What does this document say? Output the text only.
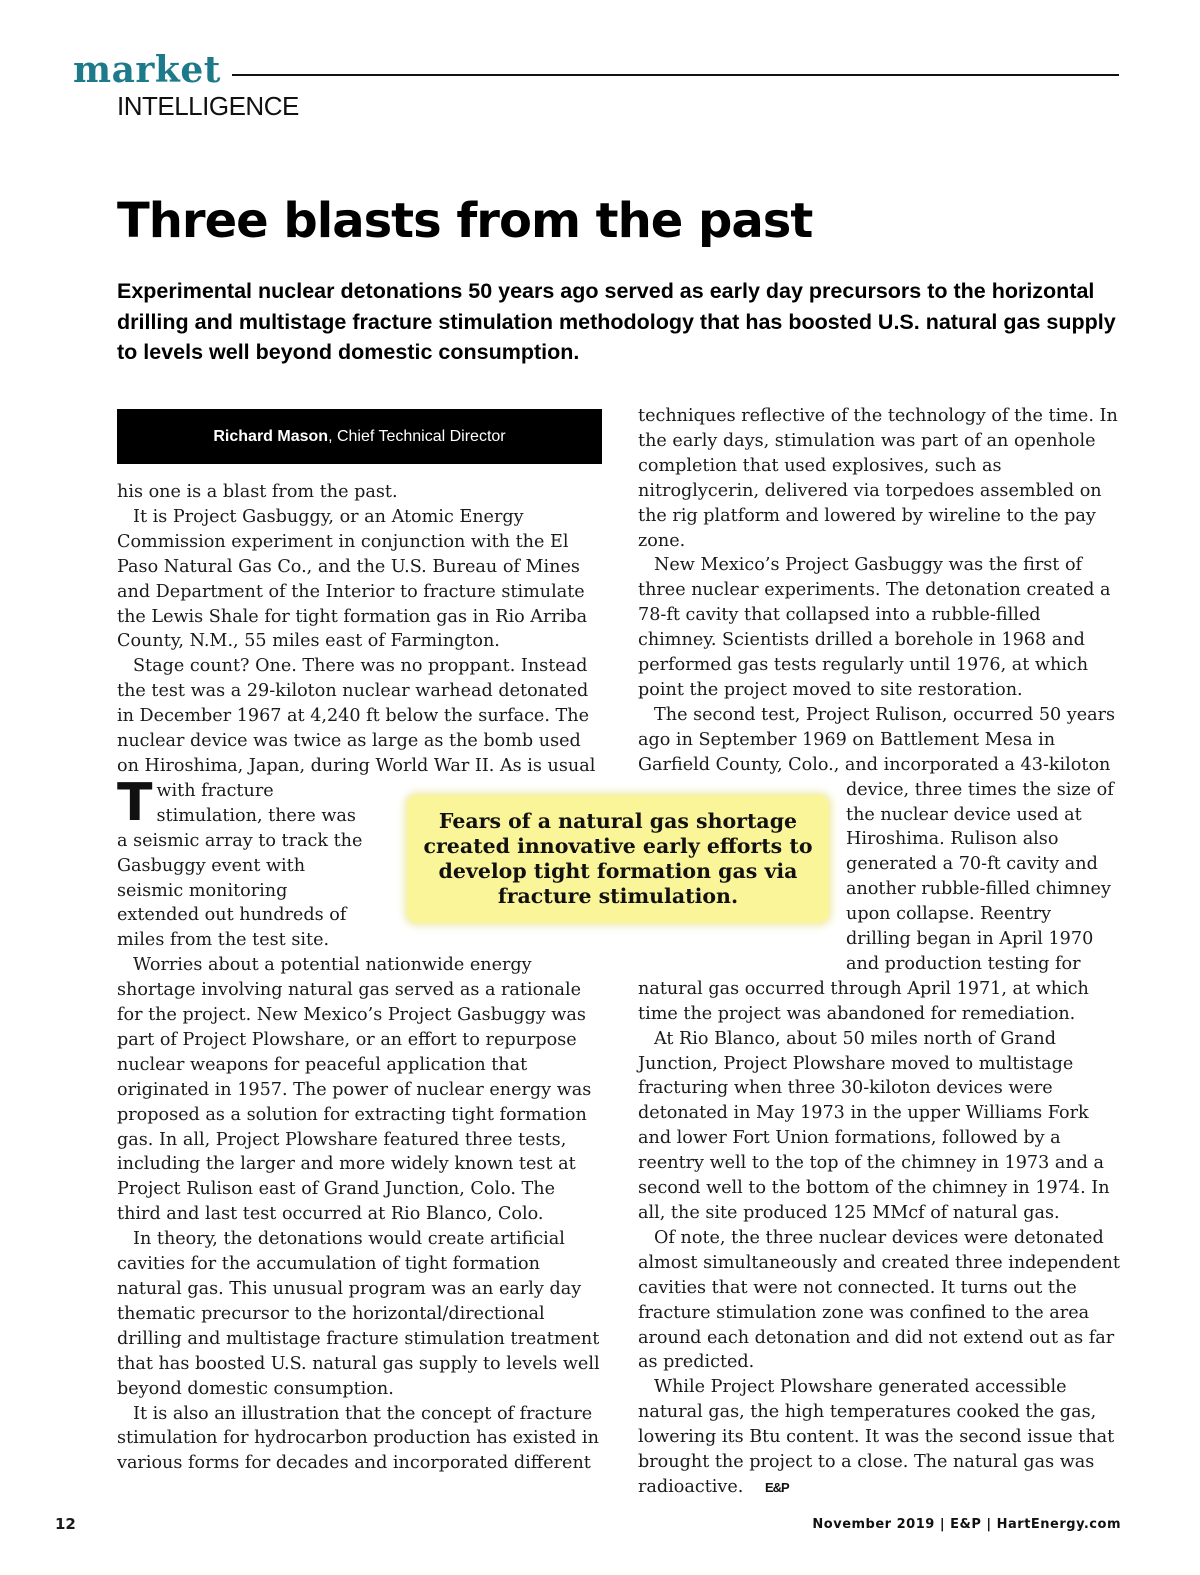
market
INTELLIGENCE
Three blasts from the past

Experimental nuclear detonations 50 years ago served as early day precursors to the horizontal drilling and multistage fracture stimulation methodology that has boosted U.S. natural gas supply to levels well beyond domestic consumption.

Richard Mason, Chief Technical Director

T
his one is a blast from the past.

It is Project Gasbuggy, or an Atomic Energy Commission experiment in conjunction with the El Paso Natural Gas Co., and the U.S. Bureau of Mines and Department of the Interior to fracture stimulate the Lewis Shale for tight formation gas in Rio Arriba County, N.M., 55 miles east of Farmington.

Stage count? One. There was no proppant. Instead the test was a 29-kiloton nuclear warhead detonated in December 1967 at 4,240 ft below the surface. The nuclear device was twice as large as the bomb used on Hiroshima, Japan, during World War II. As is usual with fracture stimulation, there was a seismic array to track the Gasbuggy event with seismic monitoring extended out hundreds of miles from the test site.

Worries about a potential nationwide energy shortage involving natural gas served as a rationale for the project. New Mexico’s Project Gasbuggy was part of Project Plowshare, or an effort to repurpose nuclear weapons for peaceful application that originated in 1957. The power of nuclear energy was proposed as a solution for extracting tight formation gas. In all, Project Plowshare featured three tests, including the larger and more widely known test at Project Rulison east of Grand Junction, Colo. The third and last test occurred at Rio Blanco, Colo.

In theory, the detonations would create artificial cavities for the accumulation of tight formation natural gas. This unusual program was an early day thematic precursor to the horizontal/directional drilling and multistage fracture stimulation treatment that has boosted U.S. natural gas supply to levels well beyond domestic consumption.

It is also an illustration that the concept of fracture stimulation for hydrocarbon production has existed in various forms for decades and incorporated different

techniques reflective of the technology of the time. In the early days, stimulation was part of an openhole completion that used explosives, such as nitroglycerin, delivered via torpedoes assembled on the rig platform and lowered by wireline to the pay zone.

New Mexico’s Project Gasbuggy was the first of three nuclear experiments. The detonation created a 78-ft cavity that collapsed into a rubble-filled chimney. Scientists drilled a borehole in 1968 and performed gas tests regularly until 1976, at which point the project moved to site restoration.

The second test, Project Rulison, occurred 50 years ago in September 1969 on Battlement Mesa in Garfield County, Colo., and incorporated a 43-kiloton device, three times the size of the nuclear device used at Hiroshima. Rulison also generated a 70-ft cavity and another rubble-filled chimney upon collapse. Reentry drilling began in April 1970 and production testing for natural gas occurred through April 1971, at which time the project was abandoned for remediation.

At Rio Blanco, about 50 miles north of Grand Junction, Project Plowshare moved to multistage fracturing when three 30-kiloton devices were detonated in May 1973 in the upper Williams Fork and lower Fort Union formations, followed by a reentry well to the top of the chimney in 1973 and a second well to the bottom of the chimney in 1974. In all, the site produced 125 MMcf of natural gas.

Of note, the three nuclear devices were detonated almost simultaneously and created three independent cavities that were not connected. It turns out the fracture stimulation zone was confined to the area around each detonation and did not extend out as far as predicted.

While Project Plowshare generated accessible natural gas, the high temperatures cooked the gas, lowering its Btu content. It was the second issue that brought the project to a close. The natural gas was radioactive. E&P

Fears of a natural gas shortage created innovative early efforts to develop tight formation gas via fracture stimulation.
12	November 2019 | E&P | HartEnergy.com
